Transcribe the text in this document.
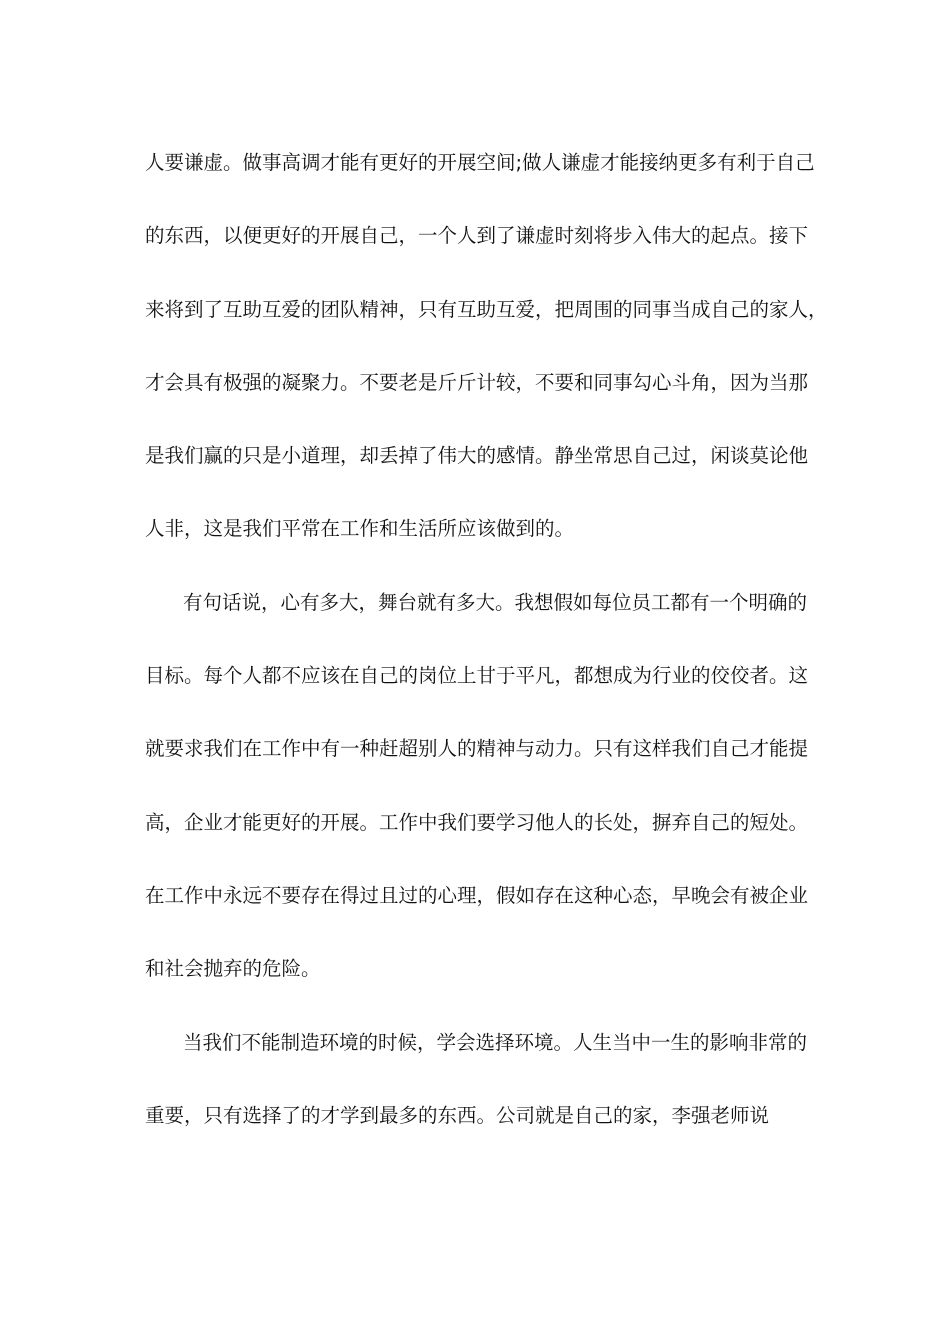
人要谦虚。做事高调才能有更好的开展空间;做人谦虚才能接纳更多有利于自己
的东西，以便更好的开展自己，一个人到了谦虚时刻将步入伟大的起点。接下
来将到了互助互爱的团队精神，只有互助互爱，把周围的同事当成自己的家人，
才会具有极强的凝聚力。不要老是斤斤计较，不要和同事勾心斗角，因为当那
是我们赢的只是小道理，却丢掉了伟大的感情。静坐常思自己过，闲谈莫论他
人非，这是我们平常在工作和生活所应该做到的。
有句话说，心有多大，舞台就有多大。我想假如每位员工都有一个明确的
目标。每个人都不应该在自己的岗位上甘于平凡，都想成为行业的佼佼者。这
就要求我们在工作中有一种赶超别人的精神与动力。只有这样我们自己才能提
高，企业才能更好的开展。工作中我们要学习他人的长处，摒弃自己的短处。
在工作中永远不要存在得过且过的心理，假如存在这种心态，早晚会有被企业
和社会抛弃的危险。
当我们不能制造环境的时候，学会选择环境。人生当中一生的影响非常的
重要，只有选择了的才学到最多的东西。公司就是自己的家，李强老师说
